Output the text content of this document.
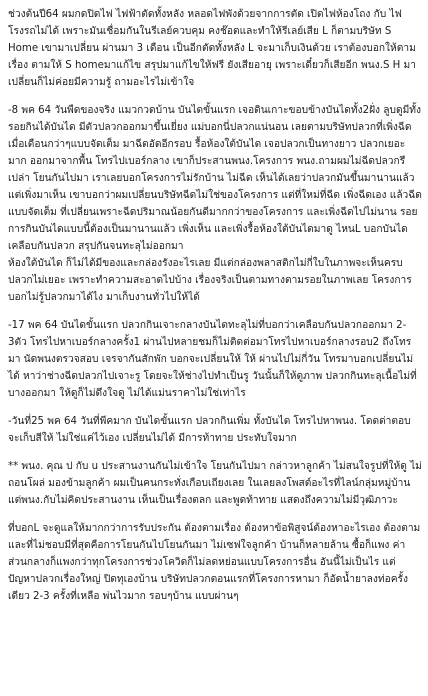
ช่วงต้นปี64 ผมกดปิดไฟ ไฟฟ้าตัดทั้งหลัง หลอดไฟพังด้วยจากการตัด เปิดไฟห้องโถง กับ ไฟโรงรถไม่ได้ เพราะมันเชื่อมกันในรีเลย์ควบคุม คงช๊อตและทำให้รีเลย์เสีย L ก็ตามบริษัท S Home เขามาเปลี่ยน ผ่านมา 3 เดือน เป็นอีกตัดทั้งหลัง L จะมาเก็บเงินด้วย เราต้องบอกให้ตามเรื่อง ตามให้ S homeมาแก้ไข สรุปมาแก้ไขให้ฟรี ยังเสียอายุ เพราะเดี๋ยวก็เสียอีก พนง.S H มาเปลี่ยนก็ไม่ค่อยมีความรู้ ถามอะไรไม่เข้าใจ

-8 พค 64 วันพืดของจริง แมวกวดบ้าน บันไดขั้นแรก เจอดินเกาะขอบข้างบันไดทั้ง2ฝั่ง ลูบดูมีทั้งรอยกินได้บันได มีตัวปลวกออกมาขึ้นเยี่ยง แม่บอกนี่ปลวกแน่นอน เลยตามบริษัทปลวกที่เพิ่งฉีดเมื่อเดือนกว่าๆแบบจัดเต็ม มาฉีดอัดอีกรอบ รื้อห้องใต้บันได เจอปลวกเป็นทางยาว ปลวกเยอะมาก ออกมาจากพื้น โทรไปเบอร์กลาง เขาก็ประสานพนง.โครงการ พนง.ถามผมไม่ฉีดปลวกรึเปล่า โยนกันไปมา เราเลยบอกโครงการไม่รักบ้าน ไม่ฉีด เห็นได้เลยว่าปลวกมันขึ้นมานานแล้วแต่เพิ่งมาเห็น เขาบอกว่าผมเปลี่ยนบริษัทฉีดไม่ใช่ของโครงการ แต่ที่ใหม่ที่ฉีด เพิ่งฉีดเอง แล้วฉีดแบบจัดเต็ม ที่เปลี่ยนเพราะฉีดปริมาณน้อยกันดีมากกว่าของโครงการ และเพิ่งฉีดไปไม่นาน รอยการกินบันไดแบบนี้ต้องเป็นมานานแล้ว เพิ่งเห็น และเพิ่งรื้อห้องใต้บันไดมาดู ไหนL บอกบันไดเคลือบกันปลวก สรุปกันจนทะลุไม่ออกมา
ห้องใต้บันได ก็ไม่ได้มีของและกล่องรังอะไรเลย มีแต่กล่องพลาสติกไม่กี่ใบในภาพจะเห็นครบปลวกไม่เยอะ เพราะทำความสะอาดไปบ้าง เรื่องจริงเป็นตามทางตามรอยในภาพเลย โครงการบอกไม่รู้ปลวกมาได้ไง มาเก็บงานทั่วไปให้ได้

-17 พค 64 บันไดขั้นแรก ปลวกกินเจาะกลางบันไดทะลุไม่ที่บอกว่าเคลือบกันปลวกออกมา 2-3ตัว โทรไปหาเบอร์กลางครั้ง1 ผ่านไปหลายชมก็ไม่ติดต่อมาโทรไปหาเบอร์กลางรอบ2 ถึงโทรมา นัดพนงตรวจสอบ เจรจากันสักพัก บอกจะเปลี่ยนให้ ให้ ผ่านไปไม่กี่วัน โทรมาบอกเปลี่ยนไม่ได้ หาว่าช่างฉีดปลวกไปเจาะรู โดยจะให้ช่างไปทำเป็นรู วันนั้นก็ให้ดูภาพ ปลวกกินทะลุเนื้อไม่ที่บางออกมา ให้ดูก็ไม่ดึงใจดู ไม่ได้แม่นราคาไม่ใช่เท่าไร

-วันที่25 พค 64 วันที่พีคมาก บันไดขั้นแรก ปลวกกินเพิ่ม ทั้งบันได โทรไปหาพนง. โดดด่าตอบ จะเก็บสีให้ ไม่ใช่แค่ไว้เอง เปลี่ยนไม่ได้ มีการท้าทาย ประทับใจมาก

** พนง. คุณ ป กับ u ประสานงานกันไม่เข้าใจ โยนกันไปมา กล่าวหาลูกค้า ไม่สนใจรูปที่ให้ดู ไม่ถอนโผล่ มองข้ามลูกค้า ผมเป็นคนกระทั่งเกือบเถียงเลย ในเลยลงโพสต์อะไรที่ไลน์กลุ่มหมู่บ้าน แต่พนง.กับไม่คิดประสานงาน เห็นเป็นเรื่องตลก และพูดท้าทาย แสดงถึงความไม่มีวุฒิภาวะ

ที่บอกL จะดูแลให้มากกว่าการรับประกัน ต้องตามเรื่อง ต้องหาข้อพิสูจน์ต้องหาอะไรเอง ต้องตาม และที่ไม่ชอบมีที่สุดคือการโยนกันไปโยนกันมา ไม่เซฟใจลูกค้า บ้านก็หลายล้าน ซื้อก็แพง ค่าส่วนกลางก็แพงกว่าทุกโครงการช่วงโควิดก็ไม่ลดหย่อนแบบโครงการอื่น อันนี้ไม่เป็นไร แต่ปัญหาปลวกเรื่องใหญ่ ปิดทุเองบ้าน บริษัทปลวกตอนแรกที่โครงการหามา ก็อัดน้ำยาลงท่อครั้งเดียว 2-3 ครั้งที่เหลือ พ่นไวมาก รอบๆบ้าน แบบผ่านๆ
